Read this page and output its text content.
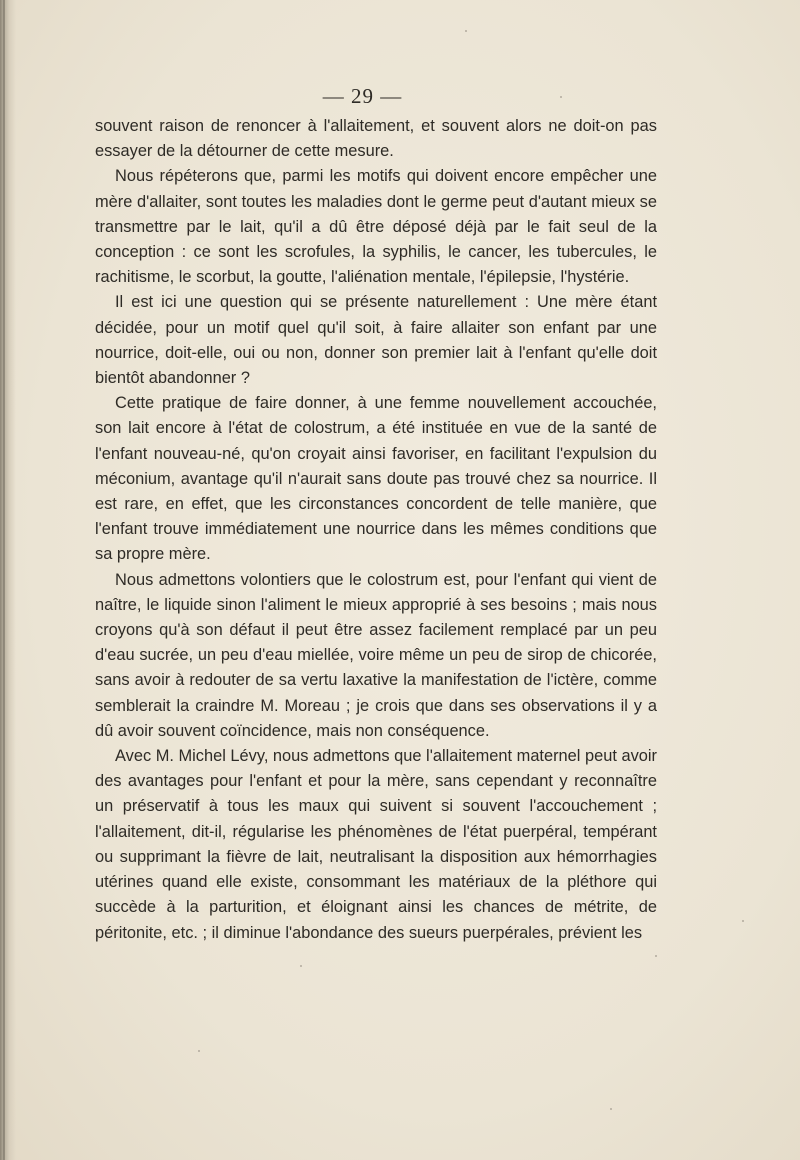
— 29 —

souvent raison de renoncer à l'allaitement, et souvent alors ne doit-on pas essayer de la détourner de cette mesure.

Nous répéterons que, parmi les motifs qui doivent encore empêcher une mère d'allaiter, sont toutes les maladies dont le germe peut d'autant mieux se transmettre par le lait, qu'il a dû être déposé déjà par le fait seul de la conception : ce sont les scrofules, la syphilis, le cancer, les tubercules, le rachitisme, le scorbut, la goutte, l'aliénation mentale, l'épilepsie, l'hystérie.

Il est ici une question qui se présente naturellement : Une mère étant décidée, pour un motif quel qu'il soit, à faire allaiter son enfant par une nourrice, doit-elle, oui ou non, donner son premier lait à l'enfant qu'elle doit bientôt abandonner ?

Cette pratique de faire donner, à une femme nouvellement accouchée, son lait encore à l'état de colostrum, a été instituée en vue de la santé de l'enfant nouveau-né, qu'on croyait ainsi favoriser, en facilitant l'expulsion du méconium, avantage qu'il n'aurait sans doute pas trouvé chez sa nourrice. Il est rare, en effet, que les circonstances concordent de telle manière, que l'enfant trouve immédiatement une nourrice dans les mêmes conditions que sa propre mère.

Nous admettons volontiers que le colostrum est, pour l'enfant qui vient de naître, le liquide sinon l'aliment le mieux approprié à ses besoins ; mais nous croyons qu'à son défaut il peut être assez facilement remplacé par un peu d'eau sucrée, un peu d'eau miellée, voire même un peu de sirop de chicorée, sans avoir à redouter de sa vertu laxative la manifestation de l'ictère, comme semblerait la craindre M. Moreau ; je crois que dans ses observations il y a dû avoir souvent coïncidence, mais non conséquence.

Avec M. Michel Lévy, nous admettons que l'allaitement maternel peut avoir des avantages pour l'enfant et pour la mère, sans cependant y reconnaître un préservatif à tous les maux qui suivent si souvent l'accouchement ; l'allaitement, dit-il, régularise les phénomènes de l'état puerpéral, tempérant ou supprimant la fièvre de lait, neutralisant la disposition aux hémorrhagies utérines quand elle existe, consommant les matériaux de la pléthore qui succède à la parturition, et éloignant ainsi les chances de métrite, de péritonite, etc. ; il diminue l'abondance des sueurs puerpérales, prévient les
